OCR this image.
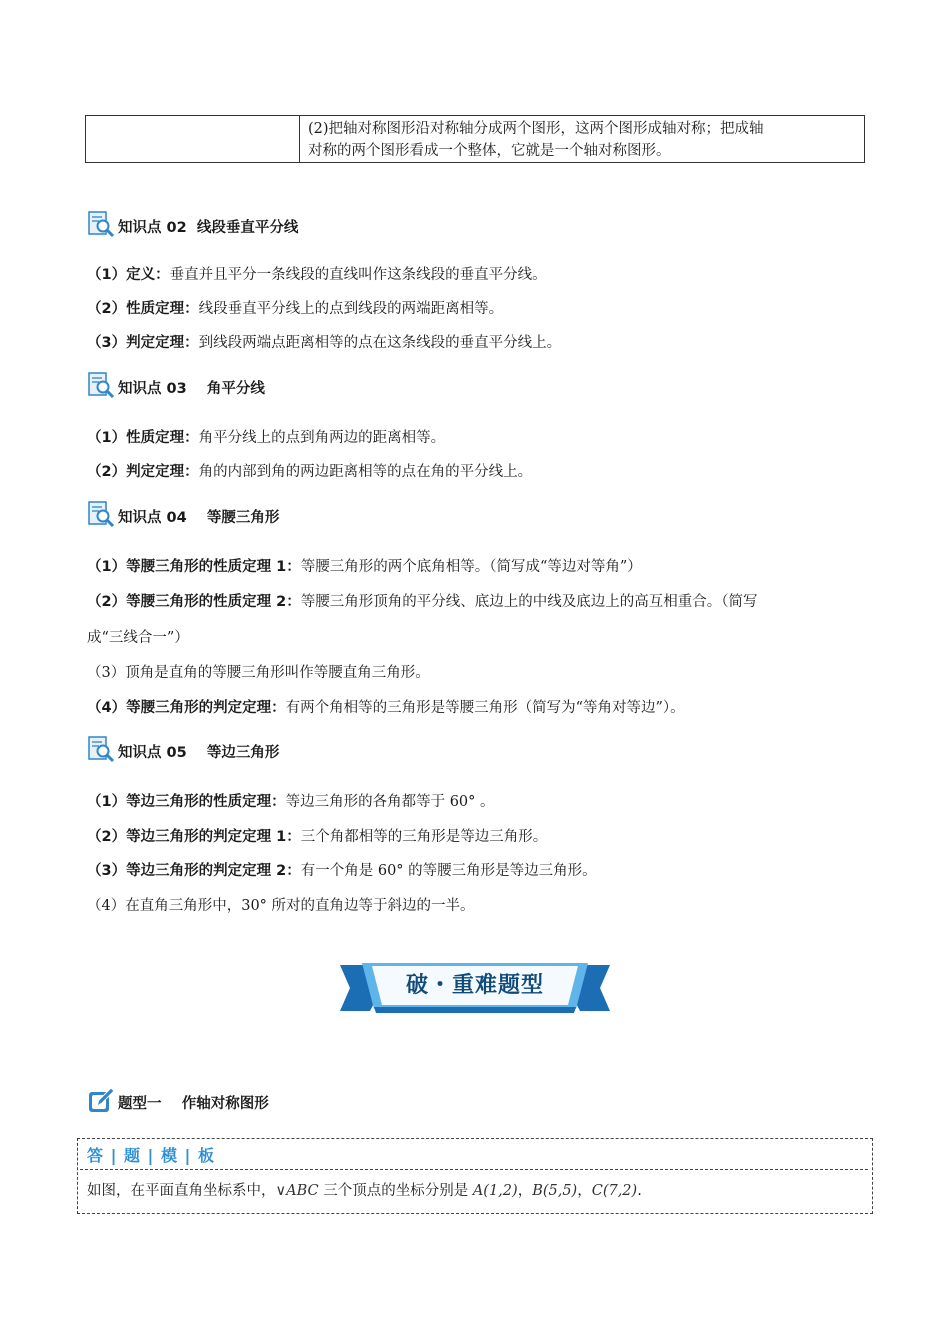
(2)把轴对称图形沿对称轴分成两个图形，这两个图形成轴对称；把成轴
对称的两个图形看成一个整体，它就是一个轴对称图形。
知识点 02  线段垂直平分线
（1）定义：垂直并且平分一条线段的直线叫作这条线段的垂直平分线。
（2）性质定理：线段垂直平分线上的点到线段的两端距离相等。
（3）判定定理：到线段两端点距离相等的点在这条线段的垂直平分线上。
知识点 03    角平分线
（1）性质定理：角平分线上的点到角两边的距离相等。
（2）判定定理：角的内部到角的两边距离相等的点在角的平分线上。
知识点 04    等腰三角形
（1）等腰三角形的性质定理 1：等腰三角形的两个底角相等。（简写成“等边对等角”）
（2）等腰三角形的性质定理 2：等腰三角形顶角的平分线、底边上的中线及底边上的高互相重合。（简写
成“三线合一”）
（3）顶角是直角的等腰三角形叫作等腰直角三角形。
（4）等腰三角形的判定定理：有两个角相等的三角形是等腰三角形（简写为“等角对等边”）。
知识点 05    等边三角形
（1）等边三角形的性质定理：等边三角形的各角都等于 60° 。
（2）等边三角形的判定定理 1：三个角都相等的三角形是等边三角形。
（3）等边三角形的判定定理 2：有一个角是 60° 的等腰三角形是等边三角形。
（4）在直角三角形中，30° 所对的直角边等于斜边的一半。
破・重难题型
题型一    作轴对称图形
答 | 题 | 模 | 板
如图，在平面直角坐标系中，∨ABC 三个顶点的坐标分别是 A(1,2)，B(5,5)，C(7,2).
